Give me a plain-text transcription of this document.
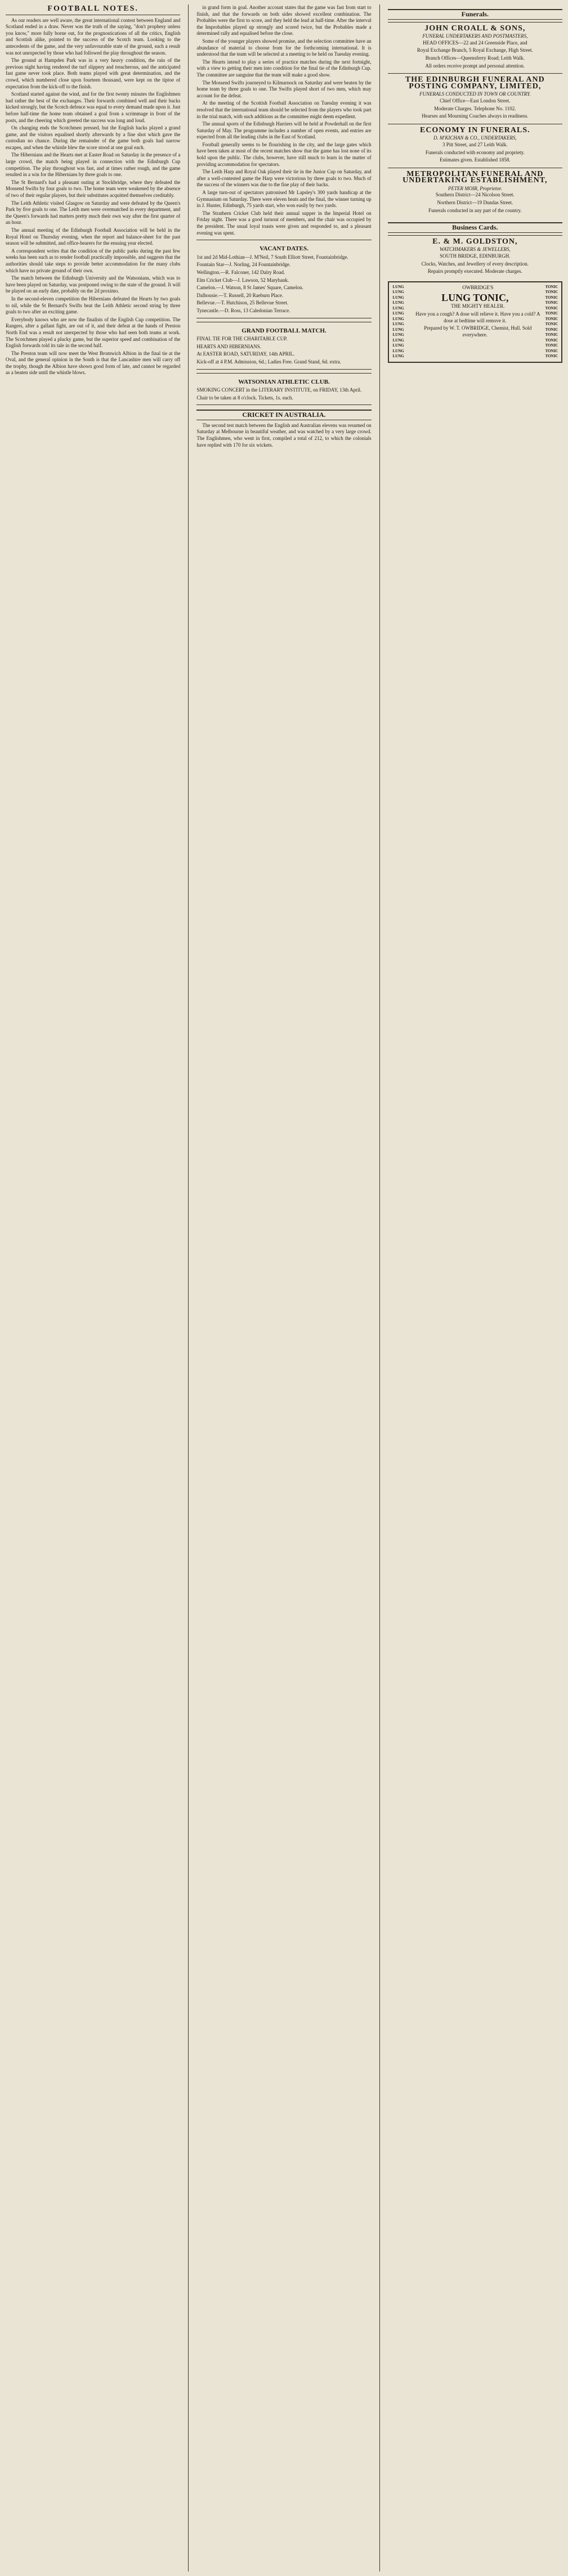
FOOTBALL NOTES.

As our readers are well aware, the great international contest between England and Scotland ended in a draw. Never was the truth of the saying, "don't prophesy unless you know," more fully borne out, for the prognostications of all the critics, English and Scottish alike, pointed to the success of the Scotch team. Looking to the antecedents of the game, and the very unfavourable state of the ground, such a result was not unexpected by those who had followed the play throughout the season.

The ground at Hampden Park was in a very heavy condition, the rain of the previous night having rendered the turf slippery and treacherous, and the anticipated fast game never took place. Both teams played with great determination, and the crowd, which numbered close upon fourteen thousand, were kept on the tiptoe of expectation from the kick-off to the finish.

Scotland started against the wind, and for the first twenty minutes the Englishmen had rather the best of the exchanges. Their forwards combined well and their backs kicked strongly, but the Scotch defence was equal to every demand made upon it. Just before half-time the home team obtained a goal from a scrimmage in front of the posts, and the cheering which greeted the success was long and loud.

On changing ends the Scotchmen pressed, but the English backs played a grand game, and the visitors equalised shortly afterwards by a fine shot which gave the custodian no chance. During the remainder of the game both goals had narrow escapes, and when the whistle blew the score stood at one goal each.

The Hibernians and the Hearts met at Easter Road on Saturday in the presence of a large crowd, the match being played in connection with the Edinburgh Cup competition. The play throughout was fast, and at times rather rough, and the game resulted in a win for the Hibernians by three goals to one.

The St Bernard's had a pleasant outing at Stockbridge, where they defeated the Mossend Swifts by four goals to two. The home team were weakened by the absence of two of their regular players, but their substitutes acquitted themselves creditably.

The Leith Athletic visited Glasgow on Saturday and were defeated by the Queen's Park by five goals to one. The Leith men were overmatched in every department, and the Queen's forwards had matters pretty much their own way after the first quarter of an hour.

The annual meeting of the Edinburgh Football Association will be held in the Royal Hotel on Thursday evening, when the report and balance-sheet for the past season will be submitted, and office-bearers for the ensuing year elected.

A correspondent writes that the condition of the public parks during the past few weeks has been such as to render football practically impossible, and suggests that the authorities should take steps to provide better accommodation for the many clubs which have no private ground of their own.

The match between the Edinburgh University and the Watsonians, which was to have been played on Saturday, was postponed owing to the state of the ground. It will be played on an early date, probably on the 2d proximo.

In the second-eleven competition the Hibernians defeated the Hearts by two goals to nil, while the St Bernard's Swifts beat the Leith Athletic second string by three goals to two after an exciting game.

Everybody knows who are now the finalists of the English Cup competition. The Rangers, after a gallant fight, are out of it, and their defeat at the hands of Preston North End was a result not unexpected by those who had seen both teams at work. The Scotchmen played a plucky game, but the superior speed and combination of the English forwards told its tale in the second half.

The Preston team will now meet the West Bromwich Albion in the final tie at the Oval, and the general opinion in the South is that the Lancashire men will carry off the trophy, though the Albion have shown good form of late, and cannot be regarded as a beaten side until the whistle blows.

in grand form in goal. Another account states that the game was fast from start to finish, and that the forwards on both sides showed excellent combination. The Probables were the first to score, and they held the lead at half-time. After the interval the Improbables played up strongly and scored twice, but the Probables made a determined rally and equalised before the close.

Some of the younger players showed promise, and the selection committee have an abundance of material to choose from for the forthcoming international. It is understood that the team will be selected at a meeting to be held on Tuesday evening.

The Hearts intend to play a series of practice matches during the next fortnight, with a view to getting their men into condition for the final tie of the Edinburgh Cup. The committee are sanguine that the team will make a good show.

The Mossend Swifts journeyed to Kilmarnock on Saturday and were beaten by the home team by three goals to one. The Swifts played short of two men, which may account for the defeat.

At the meeting of the Scottish Football Association on Tuesday evening it was resolved that the international team should be selected from the players who took part in the trial match, with such additions as the committee might deem expedient.

The annual sports of the Edinburgh Harriers will be held at Powderhall on the first Saturday of May. The programme includes a number of open events, and entries are expected from all the leading clubs in the East of Scotland.

Football generally seems to be flourishing in the city, and the large gates which have been taken at most of the recent matches show that the game has lost none of its hold upon the public. The clubs, however, have still much to learn in the matter of providing accommodation for spectators.

The Leith Harp and Royal Oak played their tie in the Junior Cup on Saturday, and after a well-contested game the Harp were victorious by three goals to two. Much of the success of the winners was due to the fine play of their backs.

A large turn-out of spectators patronised Mr Lapsley's 300 yards handicap at the Gymnasium on Saturday. There were eleven heats and the final, the winner turning up in J. Hunter, Edinburgh, 75 yards start, who won easily by two yards.

The Strathern Cricket Club held their annual supper in the Imperial Hotel on Friday night. There was a good turnout of members, and the chair was occupied by the president. The usual loyal toasts were given and responded to, and a pleasant evening was spent.

VACANT DATES.

1st and 2d Mid-Lothian—J. M'Neil, 7 South Elliott Street, Fountainbridge.

Fountain Star—J. Norling, 24 Fountainbridge.

Wellington.—R. Falconer, 142 Dalry Road.

Elm Cricket Club—J. Lawson, 52 Marybank.

Camelon.—J. Watson, 8 St James' Square, Camelon.

Dalhousie.—T. Russell, 20 Raeburn Place.

Bellevue.—T. Hutchison, 25 Bellevue Street.

Tynecastle.—D. Ross, 13 Caledonian Terrace.

GRAND FOOTBALL MATCH.

FINAL TIE FOR THE CHARITABLE CUP.

HEARTS AND HIBERNIANS.

At EASTER ROAD, SATURDAY, 14th APRIL.

Kick-off at 4 P.M. Admission, 6d.; Ladies Free. Grand Stand, 6d. extra.

WATSONIAN ATHLETIC CLUB.

SMOKING CONCERT in the LITERARY INSTITUTE, on FRIDAY, 13th April.

Chair to be taken at 8 o'clock. Tickets, 1s. each.

CRICKET IN AUSTRALIA.

The second test match between the English and Australian elevens was resumed on Saturday at Melbourne in beautiful weather, and was watched by a very large crowd. The Englishmen, who went in first, compiled a total of 212, to which the colonials have replied with 170 for six wickets.

Funerals.
JOHN CROALL & SONS,
FUNERAL UNDERTAKERS AND POSTMASTERS,

HEAD OFFICES—22 and 24 Greenside Place, and

Royal Exchange Branch, 5 Royal Exchange, High Street.

Branch Offices—Queensferry Road; Leith Walk.

All orders receive prompt and personal attention.

THE EDINBURGH FUNERAL AND POSTING COMPANY, LIMITED,
FUNERALS CONDUCTED IN TOWN OR COUNTRY.

Chief Office—East London Street.

Moderate Charges. Telephone No. 1102.

Hearses and Mourning Coaches always in readiness.

ECONOMY IN FUNERALS.
D. M'KICHAN & CO., UNDERTAKERS,

3 Pitt Street, and 27 Leith Walk.

Funerals conducted with economy and propriety.

Estimates given. Established 1858.

METROPOLITAN FUNERAL AND UNDERTAKING ESTABLISHMENT,
PETER MOIR, Proprietor.

Southern District—24 Nicolson Street.

Northern District—19 Dundas Street.

Funerals conducted in any part of the country.

Business Cards.
E. & M. GOLDSTON,
WATCHMAKERS & JEWELLERS,

SOUTH BRIDGE, EDINBURGH.

Clocks, Watches, and Jewellery of every description.

Repairs promptly executed. Moderate charges.

LUNG
LUNG
LUNG
LUNG
LUNG
LUNG
LUNG
LUNG
LUNG
LUNG
LUNG
LUNG
LUNG
LUNG

OWBRIDGE'S

LUNG TONIC,

THE MIGHTY HEALER.

Have you a cough? A dose will relieve it. Have you a cold? A dose at bedtime will remove it.

Prepared by W. T. OWBRIDGE, Chemist, Hull. Sold everywhere.

TONIC
TONIC
TONIC
TONIC
TONIC
TONIC
TONIC
TONIC
TONIC
TONIC
TONIC
TONIC
TONIC
TONIC
